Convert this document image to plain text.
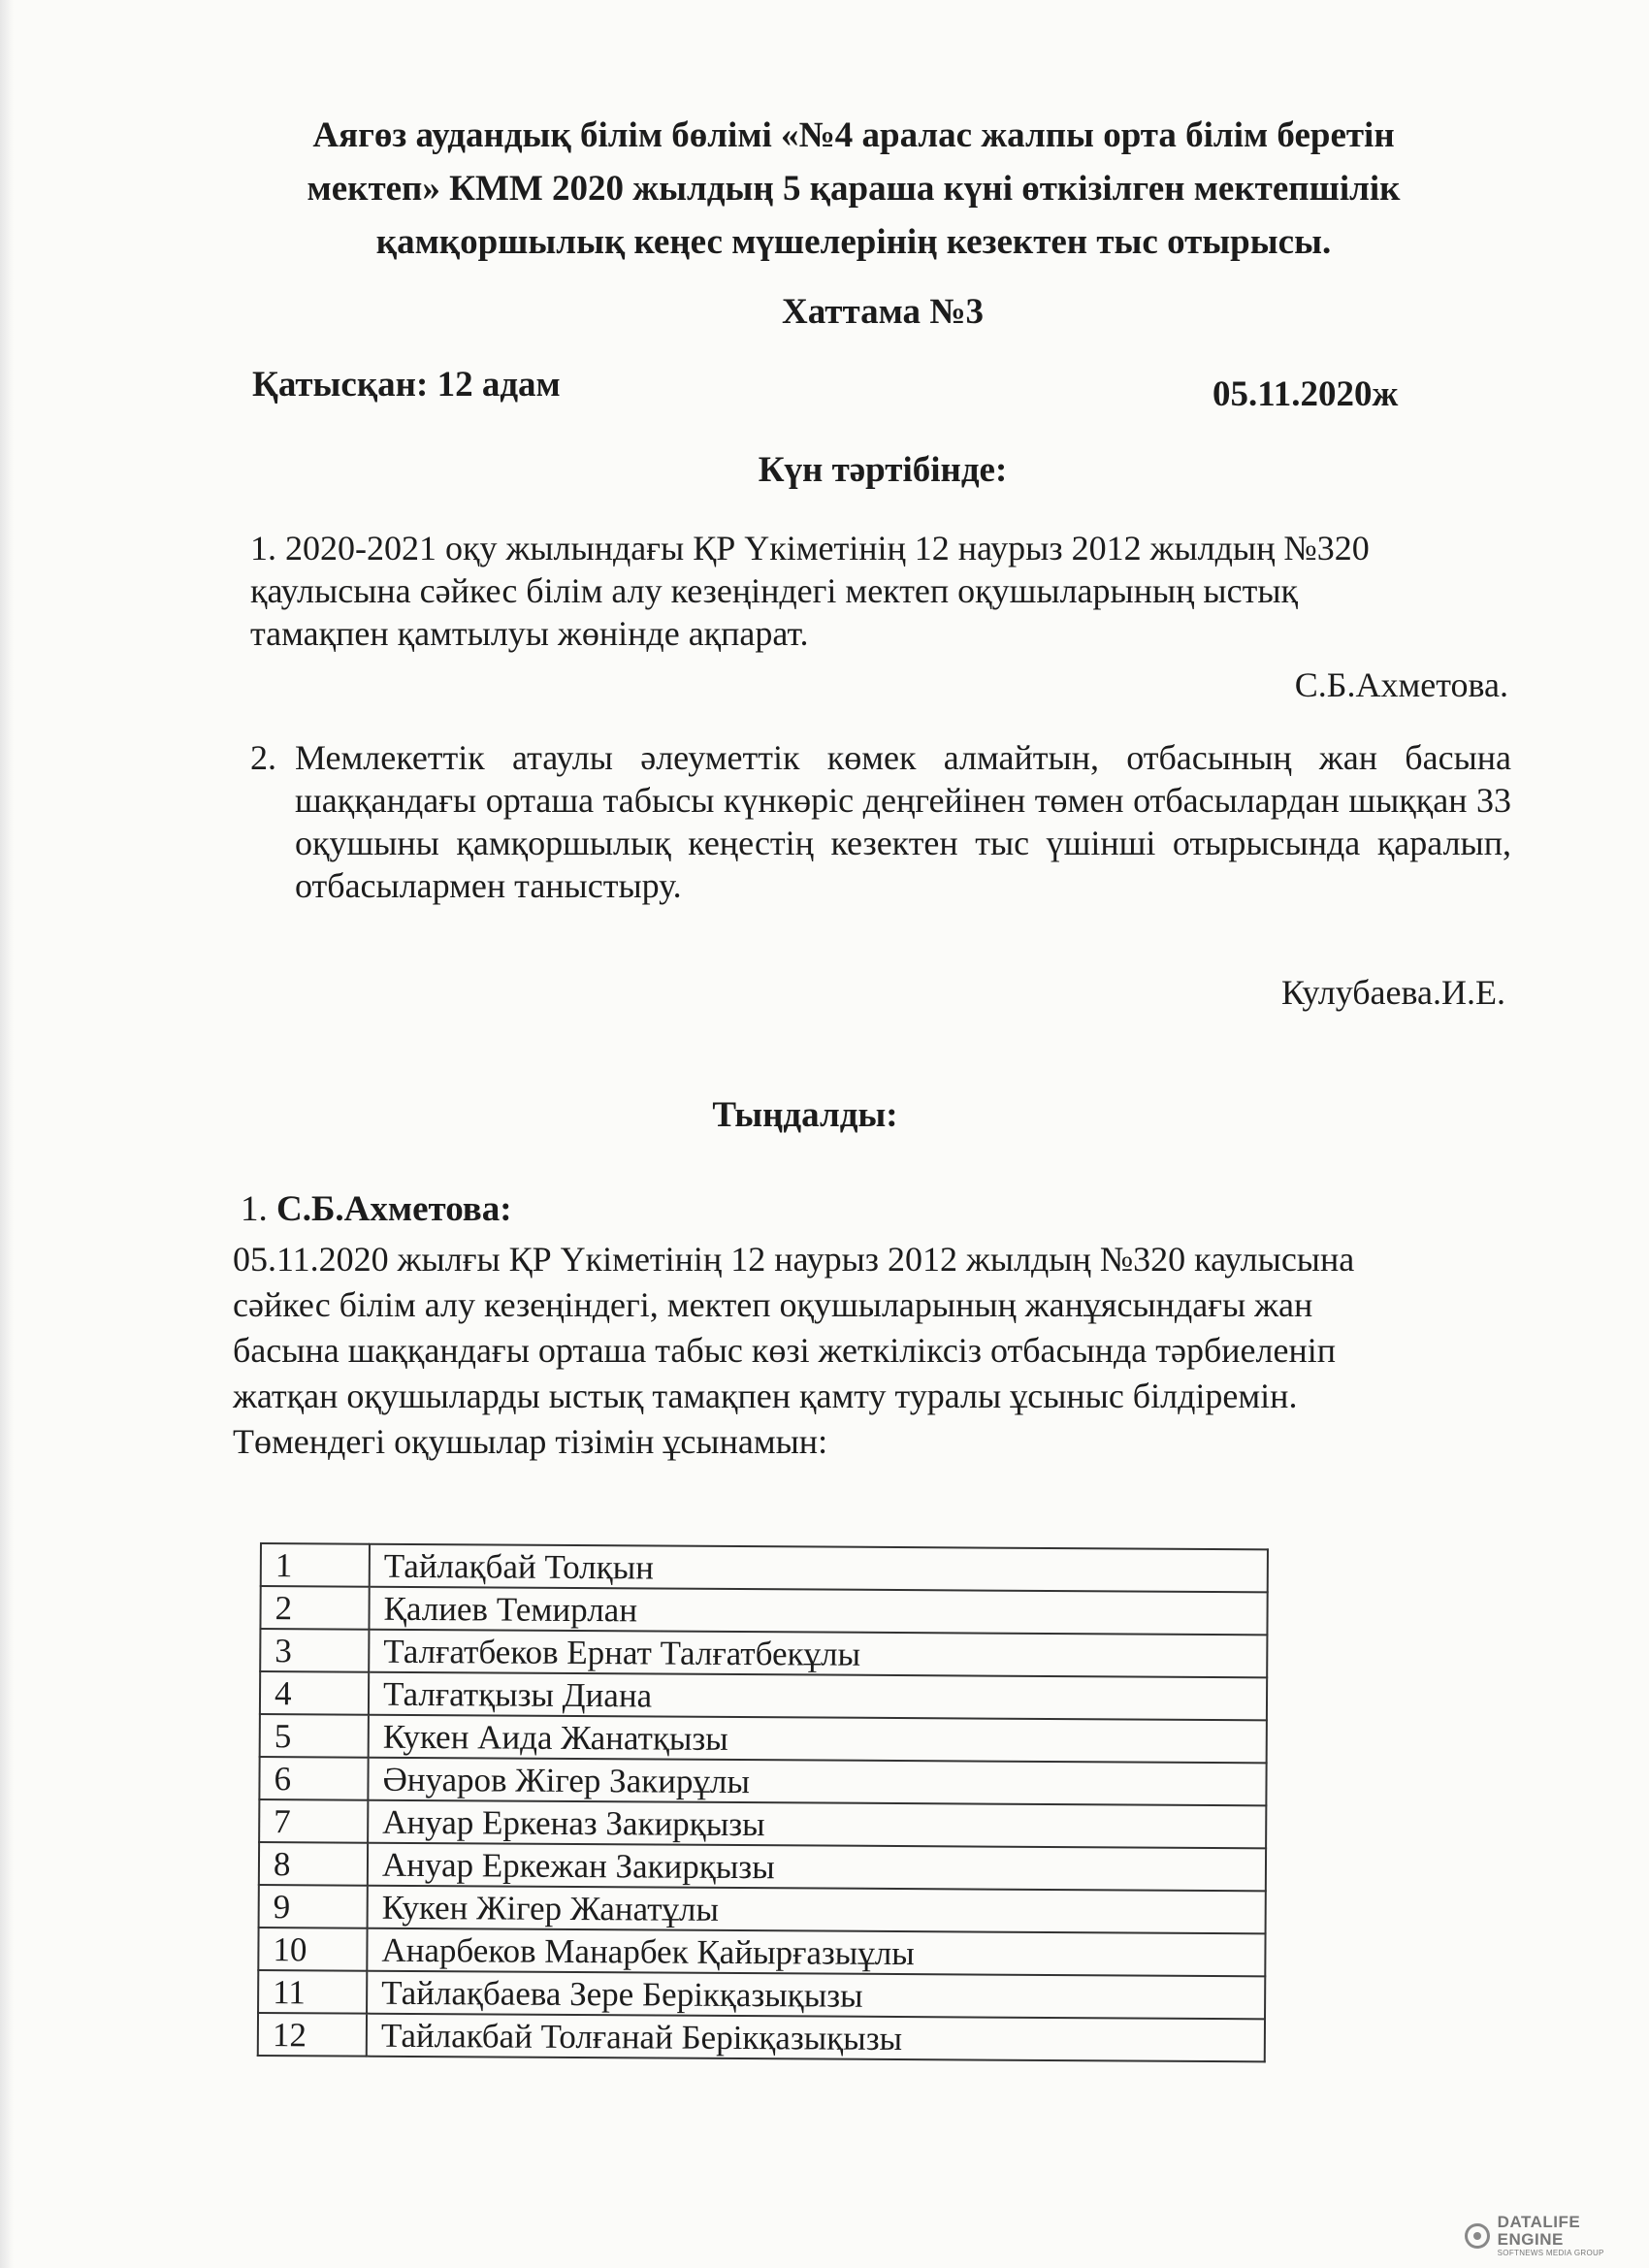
Аягөз аудандық білім бөлімі «№4 аралас жалпы орта білім беретін
мектеп» КММ 2020 жылдың 5 қараша күні өткізілген мектепшілік
қамқоршылық кеңес мүшелерінің кезектен тыс отырысы.
Хаттама №3
Қатысқан: 12 адам	05.11.2020ж
Күн тәртібінде:
1. 2020-2021 оқу жылындағы ҚР Үкіметінің 12 наурыз 2012 жылдың №320
қаулысына сәйкес білім алу кезеңіндегі мектеп оқушыларының ыстық
тамақпен қамтылуы жөнінде ақпарат.
С.Б.Ахметова.
2. Мемлекеттік атаулы әлеуметтік көмек алмайтын, отбасының жан басына шаққандағы орташа табысы күнкөріс деңгейінен төмен отбасылардан шыққан 33 оқушыны қамқоршылық кеңестің кезектен тыс үшінші отырысында қаралып, отбасылармен таныстыру.
Кулубаева.И.Е.
Тыңдалды:
1. С.Б.Ахметова:
05.11.2020 жылғы ҚР Үкіметінің 12 наурыз 2012 жылдың №320 каулысына
сәйкес білім алу кезеңіндегі, мектеп оқушыларының жанұясындағы жан
басына шаққандағы орташа табыс көзі жеткіліксіз отбасында тәрбиеленіп
жатқан оқушыларды ыстық тамақпен қамту туралы ұсыныс білдіремін.
Төмендегі оқушылар тізімін ұсынамын:
1	Тайлақбай Толқын
2	Қалиев Темирлан
3	Талғатбеков Ернат Талғатбекұлы
4	Талғатқызы Диана
5	Кукен Аида Жанатқызы
6	Әнуаров Жігер Закирұлы
7	Ануар Еркеназ Закирқызы
8	Ануар Еркежан Закирқызы
9	Кукен Жігер Жанатұлы
10	Анарбеков Манарбек Қайырғазыұлы
11	Тайлақбаева Зере Берікқазықызы
12	Тайлакбай Толғанай Берікқазықызы
DATALIFE ENGINE
SOFTNEWS MEDIA GROUP
